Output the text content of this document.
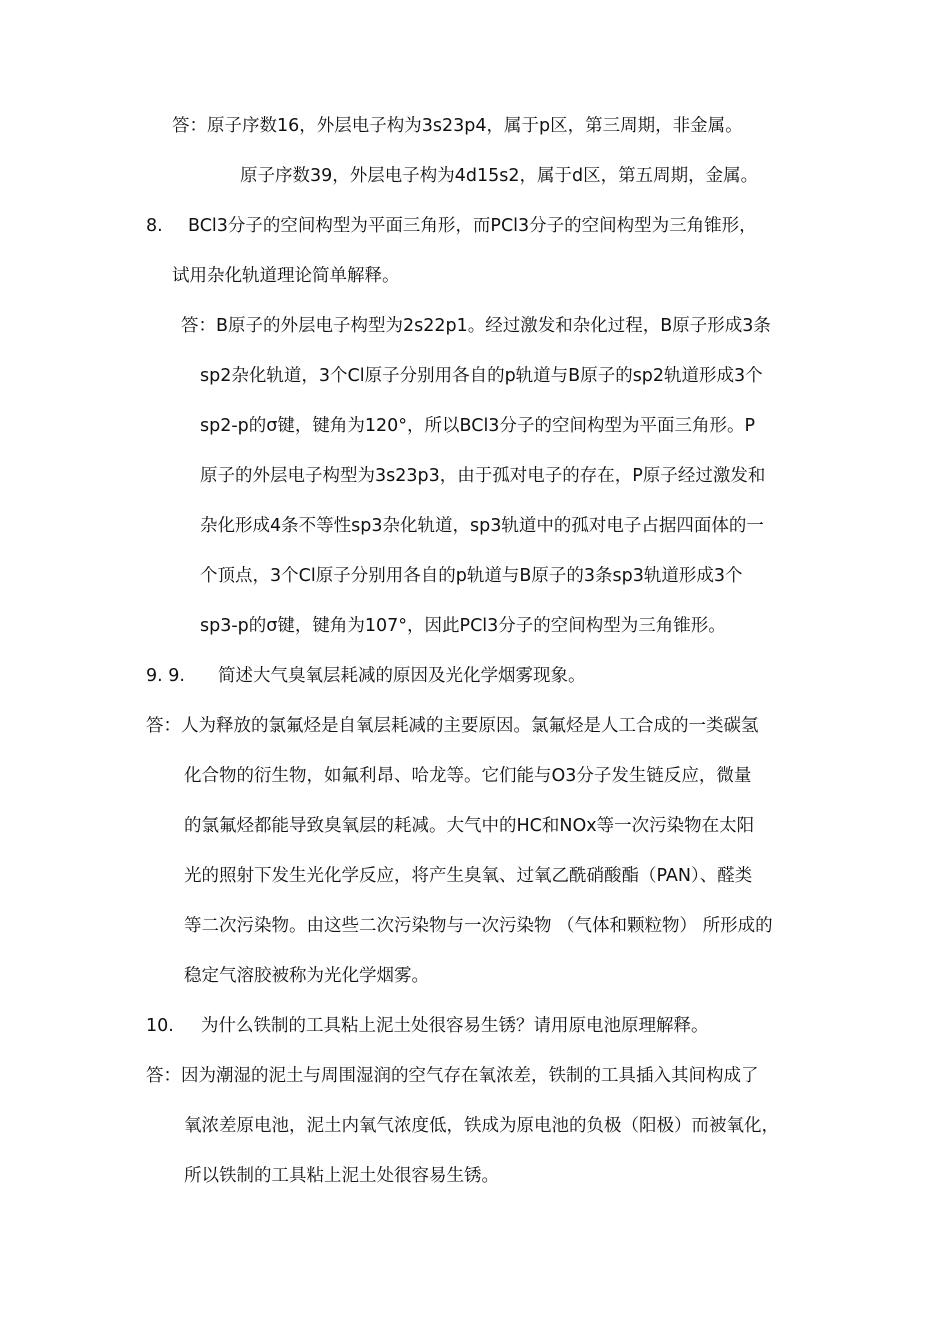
答：原子序数16，外层电子构为3s23p4，属于p区，第三周期，非金属。
原子序数39，外层电子构为4d15s2，属于d区，第五周期，金属。
8. BCl3分子的空间构型为平面三角形，而PCl3分子的空间构型为三角锥形，
试用杂化轨道理论简单解释。
答：B原子的外层电子构型为2s22p1。经过激发和杂化过程，B原子形成3条
sp2杂化轨道，3个Cl原子分别用各自的p轨道与B原子的sp2轨道形成3个
sp2-p的σ键，键角为120°，所以BCl3分子的空间构型为平面三角形。P
原子的外层电子构型为3s23p3，由于孤对电子的存在，P原子经过激发和
杂化形成4条不等性sp3杂化轨道，sp3轨道中的孤对电子占据四面体的一
个顶点，3个Cl原子分别用各自的p轨道与B原子的3条sp3轨道形成3个
sp3-p的σ键，键角为107°，因此PCl3分子的空间构型为三角锥形。
9. 9. 简述大气臭氧层耗减的原因及光化学烟雾现象。
答：人为释放的氯氟烃是自氧层耗减的主要原因。氯氟烃是人工合成的一类碳氢
化合物的衍生物，如氟利昂、哈龙等。它们能与O3分子发生链反应，微量
的氯氟烃都能导致臭氧层的耗减。大气中的HC和NOx等一次污染物在太阳
光的照射下发生光化学反应，将产生臭氧、过氧乙酰硝酸酯（PAN）、醛类
等二次污染物。由这些二次污染物与一次污染物 （气体和颗粒物） 所形成的
稳定气溶胶被称为光化学烟雾。
10. 为什么铁制的工具粘上泥土处很容易生锈？请用原电池原理解释。
答：因为潮湿的泥土与周围湿润的空气存在氧浓差，铁制的工具插入其间构成了
氧浓差原电池，泥土内氧气浓度低，铁成为原电池的负极（阳极）而被氧化，
所以铁制的工具粘上泥土处很容易生锈。
